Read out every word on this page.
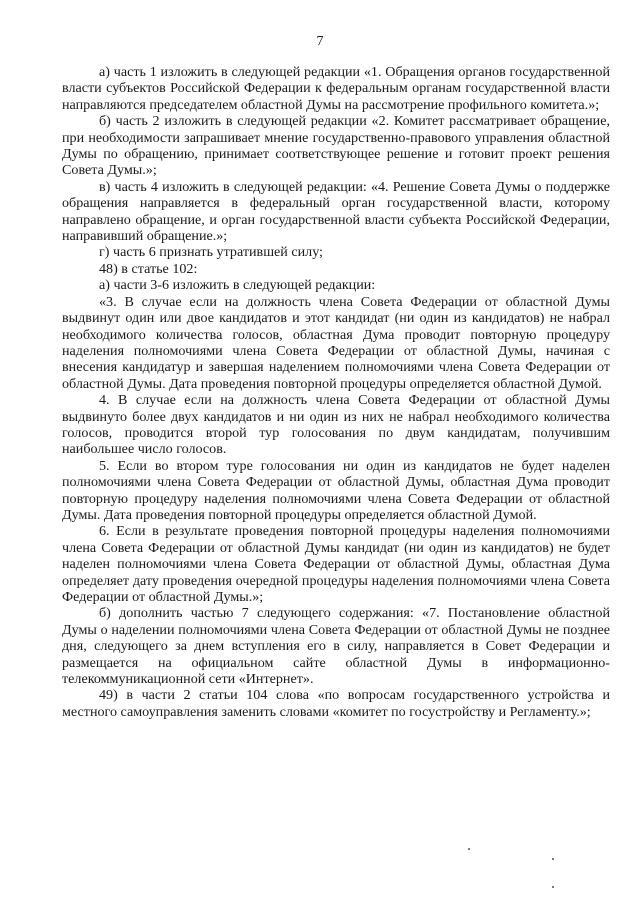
7

а) часть 1 изложить в следующей редакции «1. Обращения органов государственной власти субъектов Российской Федерации к федеральным органам государственной власти направляются председателем областной Думы на рассмотрение профильного комитета.»;

б) часть 2 изложить в следующей редакции «2. Комитет рассматривает обращение, при необходимости запрашивает мнение государственно-правового управления областной Думы по обращению, принимает соответствующее решение и готовит проект решения Совета Думы.»;

в) часть 4 изложить в следующей редакции: «4. Решение Совета Думы о поддержке обращения направляется в федеральный орган государственной власти, которому направлено обращение, и орган государственной власти субъекта Российской Федерации, направивший обращение.»;

г) часть 6 признать утратившей силу;

48) в статье 102:

а) части 3-6 изложить в следующей редакции:

«3. В случае если на должность члена Совета Федерации от областной Думы выдвинут один или двое кандидатов и этот кандидат (ни один из кандидатов) не набрал необходимого количества голосов, областная Дума проводит повторную процедуру наделения полномочиями члена Совета Федерации от областной Думы, начиная с внесения кандидатур и завершая наделением полномочиями члена Совета Федерации от областной Думы. Дата проведения повторной процедуры определяется областной Думой.

4. В случае если на должность члена Совета Федерации от областной Думы выдвинуто более двух кандидатов и ни один из них не набрал необходимого количества голосов, проводится второй тур голосования по двум кандидатам, получившим наибольшее число голосов.

5. Если во втором туре голосования ни один из кандидатов не будет наделен полномочиями члена Совета Федерации от областной Думы, областная Дума проводит повторную процедуру наделения полномочиями члена Совета Федерации от областной Думы. Дата проведения повторной процедуры определяется областной Думой.

6. Если в результате проведения повторной процедуры наделения полномочиями члена Совета Федерации от областной Думы кандидат (ни один из кандидатов) не будет наделен полномочиями члена Совета Федерации от областной Думы, областная Дума определяет дату проведения очередной процедуры наделения полномочиями члена Совета Федерации от областной Думы.»;

б) дополнить частью 7 следующего содержания: «7. Постановление областной Думы о наделении полномочиями члена Совета Федерации от областной Думы не позднее дня, следующего за днем вступления его в силу, направляется в Совет Федерации и размещается на официальном сайте областной Думы в информационно-телекоммуникационной сети «Интернет».

49) в части 2 статьи 104 слова «по вопросам государственного устройства и местного самоуправления заменить словами «комитет по госустройству и Регламенту.»;
